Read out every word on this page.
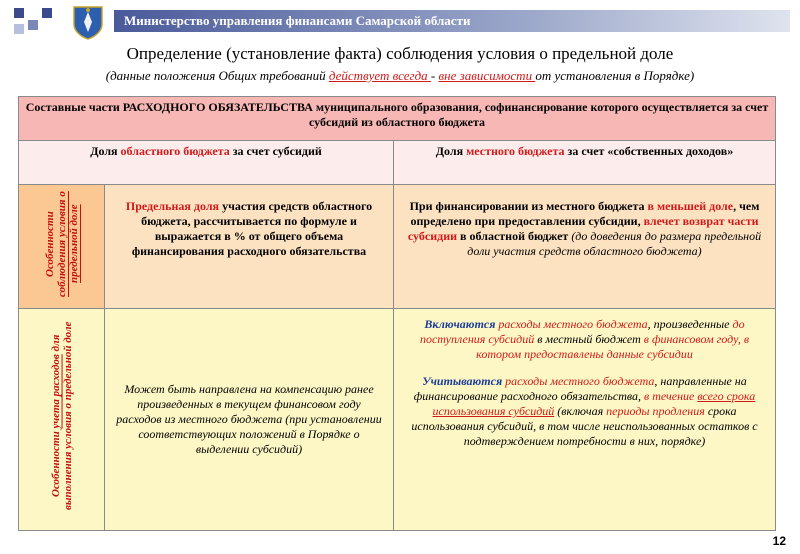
Министерство управления финансами Самарской области
Определение (установление факта) соблюдения условия о предельной доле
(данные положения Общих требований действует всегда - вне зависимости от установления в Порядке)
Составные части РАСХОДНОГО ОБЯЗАТЕЛЬСТВА муниципального образования, софинансирование которого осуществляется за счет субсидий из областного бюджета		
Доля областного бюджета за счет субсидий		Доля местного бюджета за счет «собственных доходов»

Особенности соблюдения условия о предельной доле	Предельная доля участия средств областного бюджета, рассчитывается по формуле и выражается в % от общего объема финансирования расходного обязательства	При финансировании из местного бюджета в меньшей доле, чем определено при предоставлении субсидии, влечет возврат части субсидии в областной бюджет (до доведения до размера предельной доли участия средств областного бюджета)

Особенности учета расходов для выполнения условия о предельной доле	Может быть направлена на компенсацию ранее произведенных в текущем финансовом году расходов из местного бюджета (при установлении соответствующих положений в Порядке о выделении субсидий)	Включаются расходы местного бюджета, произведенные до поступления субсидий в местный бюджет в финансовом году, в котором предоставлены данные субсидии
Учитываются расходы местного бюджета, направленные на финансирование расходного обязательства, в течение всего срока использования субсидий (включая периоды продления срока использования субсидий, в том числе неиспользованных остатков с подтверждением потребности в них, порядке)
12
